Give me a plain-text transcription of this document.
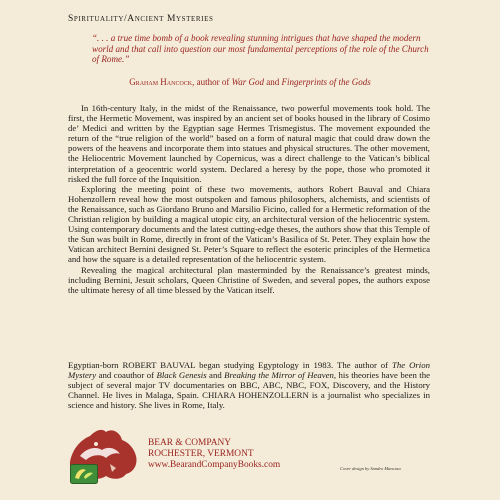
Spirituality/Ancient Mysteries
“. . . a true time bomb of a book revealing stunning intrigues that have shaped the modern world and that call into question our most fundamental perceptions of the role of the Church of Rome.”
Graham Hancock, author of War God and Fingerprints of the Gods

In 16th-century Italy, in the midst of the Renaissance, two powerful movements took hold. The first, the Hermetic Movement, was inspired by an ancient set of books housed in the library of Cosimo de’ Medici and written by the Egyptian sage Hermes Trismegistus. The movement expounded the return of the “true religion of the world” based on a form of natural magic that could draw down the powers of the heavens and incorporate them into statues and physical structures. The other movement, the Heliocentric Movement launched by Copernicus, was a direct challenge to the Vatican’s biblical interpretation of a geocentric world system. Declared a heresy by the pope, those who promoted it risked the full force of the Inquisition.

Exploring the meeting point of these two movements, authors Robert Bauval and Chiara Hohenzollern reveal how the most outspoken and famous philosophers, alchemists, and scientists of the Renaissance, such as Giordano Bruno and Marsilio Ficino, called for a Hermetic reformation of the Christian religion by building a magical utopic city, an architectural version of the heliocentric system. Using contemporary documents and the latest cutting-edge theses, the authors show that this Temple of the Sun was built in Rome, directly in front of the Vatican’s Basilica of St. Peter. They explain how the Vatican architect Bernini designed St. Peter’s Square to reflect the esoteric principles of the Hermetica and how the square is a detailed representation of the heliocentric system.

Revealing the magical architectural plan masterminded by the Renaissance’s greatest minds, including Bernini, Jesuit scholars, Queen Christine of Sweden, and several popes, the authors expose the ultimate heresy of all time blessed by the Vatican itself.

Egyptian-born ROBERT BAUVAL began studying Egyptology in 1983. The author of The Orion Mystery and coauthor of Black Genesis and Breaking the Mirror of Heaven, his theories have been the subject of several major TV documentaries on BBC, ABC, NBC, FOX, Discovery, and the History Channel. He lives in Malaga, Spain. CHIARA HOHENZOLLERN is a journalist who specializes in science and history. She lives in Rome, Italy.

BEAR & COMPANY
ROCHESTER, VERMONT
www.BearandCompanyBooks.com	Cover design by Sandro Mancuso
